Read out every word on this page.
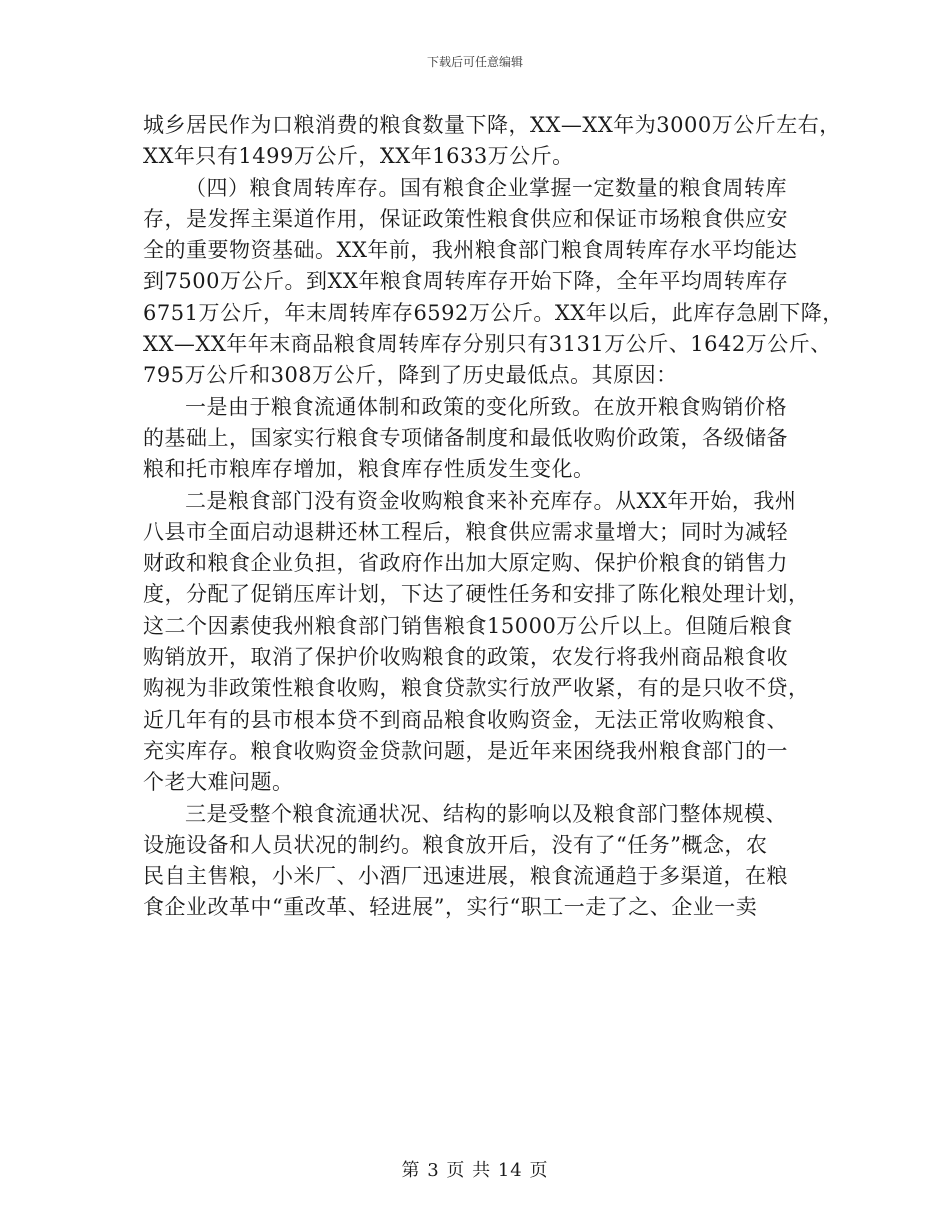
下载后可任意编辑
城乡居民作为口粮消费的粮食数量下降，XX—XX年为3000万公斤左右，
XX年只有1499万公斤，XX年1633万公斤。
（四）粮食周转库存。国有粮食企业掌握一定数量的粮食周转库
存，是发挥主渠道作用，保证政策性粮食供应和保证市场粮食供应安
全的重要物资基础。XX年前，我州粮食部门粮食周转库存水平均能达
到7500万公斤。到XX年粮食周转库存开始下降，全年平均周转库存
6751万公斤，年末周转库存6592万公斤。XX年以后，此库存急剧下降，
XX—XX年年末商品粮食周转库存分别只有3131万公斤、1642万公斤、
795万公斤和308万公斤，降到了历史最低点。其原因：
一是由于粮食流通体制和政策的变化所致。在放开粮食购销价格
的基础上，国家实行粮食专项储备制度和最低收购价政策，各级储备
粮和托市粮库存增加，粮食库存性质发生变化。
二是粮食部门没有资金收购粮食来补充库存。从XX年开始，我州
八县市全面启动退耕还林工程后，粮食供应需求量增大；同时为减轻
财政和粮食企业负担，省政府作出加大原定购、保护价粮食的销售力
度，分配了促销压库计划，下达了硬性任务和安排了陈化粮处理计划，
这二个因素使我州粮食部门销售粮食15000万公斤以上。但随后粮食
购销放开，取消了保护价收购粮食的政策，农发行将我州商品粮食收
购视为非政策性粮食收购，粮食贷款实行放严收紧，有的是只收不贷，
近几年有的县市根本贷不到商品粮食收购资金，无法正常收购粮食、
充实库存。粮食收购资金贷款问题，是近年来困绕我州粮食部门的一
个老大难问题。
三是受整个粮食流通状况、结构的影响以及粮食部门整体规模、
设施设备和人员状况的制约。粮食放开后，没有了“任务”概念，农
民自主售粮，小米厂、小酒厂迅速进展，粮食流通趋于多渠道，在粮
食企业改革中“重改革、轻进展”，实行“职工一走了之、企业一卖
第 3 页 共 14 页
